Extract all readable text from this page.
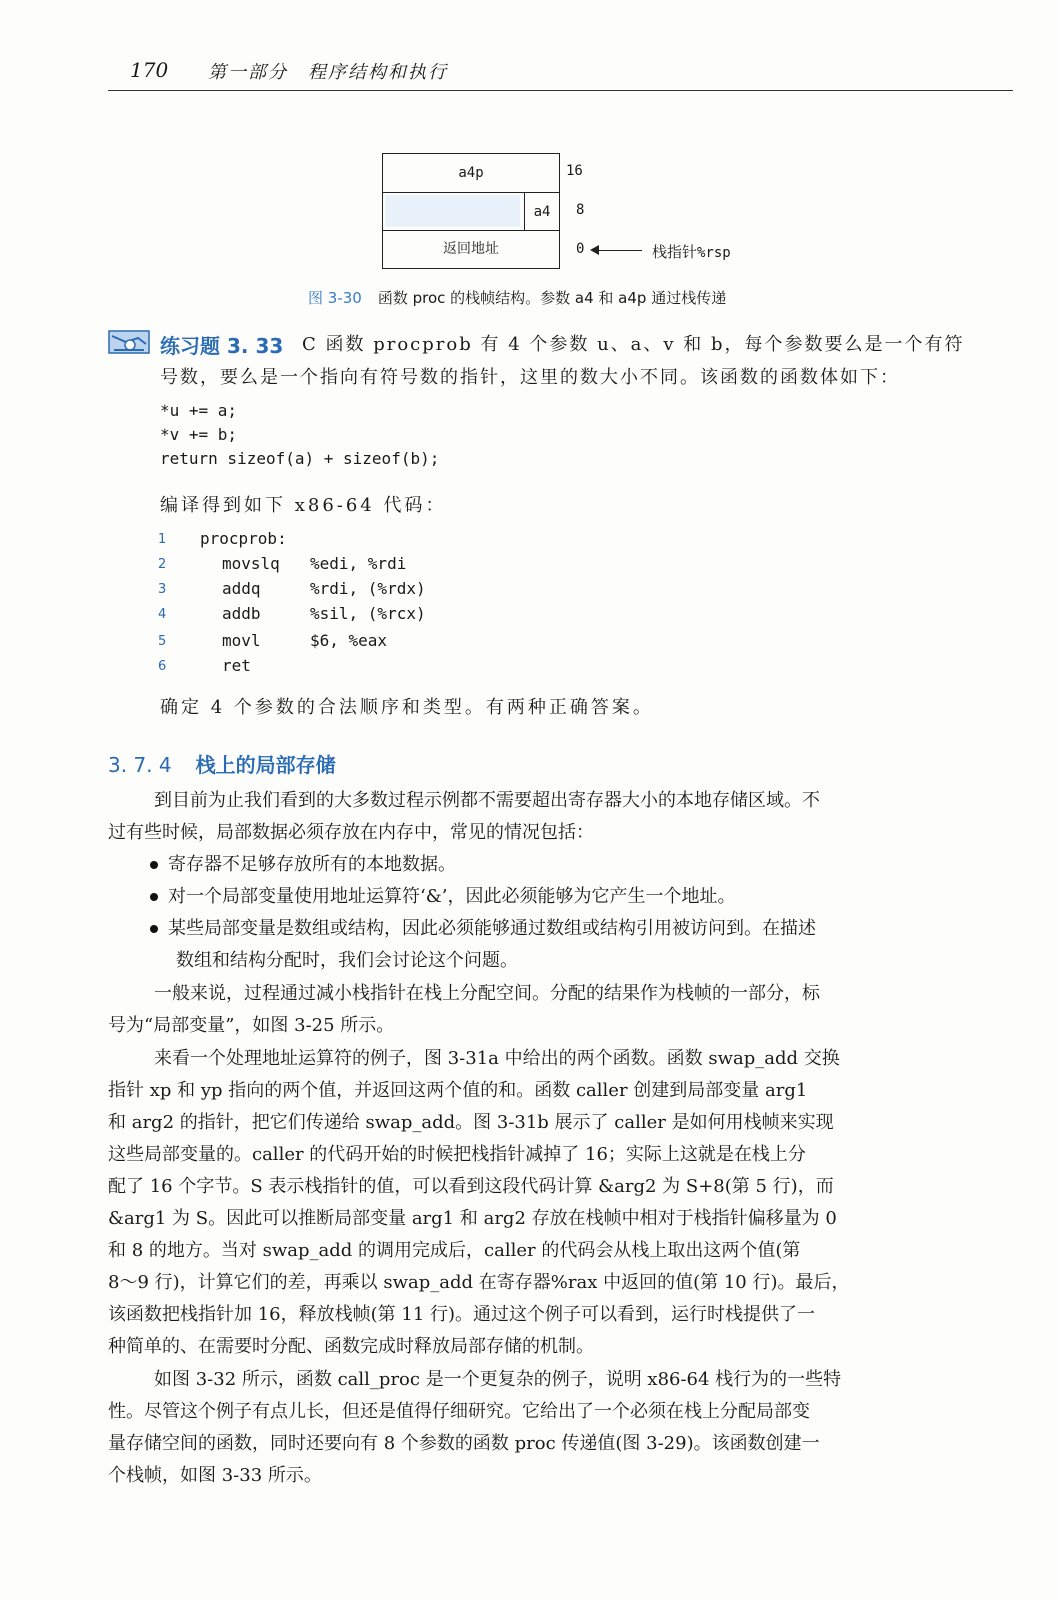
170 第一部分　程序结构和执行
a4p
a4
返回地址
16
8
0	栈指针%rsp
图 3-30 函数 proc 的栈帧结构。参数 a4 和 a4p 通过栈传递
练习题 3. 33 C 函数 procprob 有 4 个参数 u、a、v 和 b，每个参数要么是一个有符
号数，要么是一个指向有符号数的指针，这里的数大小不同。该函数的函数体如下：
*u += a;
*v += b;
return sizeof(a) + sizeof(b);
编译得到如下 x86-64 代码：
1 procprob:
2	movslq %edi, %rdi
3	addq	%rdi, (%rdx)
4	addb	%sil, (%rcx)
5	movl	$6, %eax
6	ret
确定 4 个参数的合法顺序和类型。有两种正确答案。
3. 7. 4 栈上的局部存储
到目前为止我们看到的大多数过程示例都不需要超出寄存器大小的本地存储区域。不
过有些时候，局部数据必须存放在内存中，常见的情况包括：
寄存器不足够存放所有的本地数据。
对一个局部变量使用地址运算符‘&’，因此必须能够为它产生一个地址。
某些局部变量是数组或结构，因此必须能够通过数组或结构引用被访问到。在描述
数组和结构分配时，我们会讨论这个问题。
一般来说，过程通过减小栈指针在栈上分配空间。分配的结果作为栈帧的一部分，标
号为“局部变量”，如图 3-25 所示。
来看一个处理地址运算符的例子，图 3-31a 中给出的两个函数。函数 swap_add 交换
指针 xp 和 yp 指向的两个值，并返回这两个值的和。函数 caller 创建到局部变量 arg1
和 arg2 的指针，把它们传递给 swap_add。图 3-31b 展示了 caller 是如何用栈帧来实现
这些局部变量的。caller 的代码开始的时候把栈指针减掉了 16；实际上这就是在栈上分
配了 16 个字节。S 表示栈指针的值，可以看到这段代码计算 &arg2 为 S+8(第 5 行)，而
&arg1 为 S。因此可以推断局部变量 arg1 和 arg2 存放在栈帧中相对于栈指针偏移量为 0
和 8 的地方。当对 swap_add 的调用完成后，caller 的代码会从栈上取出这两个值(第
8～9 行)，计算它们的差，再乘以 swap_add 在寄存器%rax 中返回的值(第 10 行)。最后，
该函数把栈指针加 16，释放栈帧(第 11 行)。通过这个例子可以看到，运行时栈提供了一
种简单的、在需要时分配、函数完成时释放局部存储的机制。
如图 3-32 所示，函数 call_proc 是一个更复杂的例子，说明 x86-64 栈行为的一些特
性。尽管这个例子有点儿长，但还是值得仔细研究。它给出了一个必须在栈上分配局部变
量存储空间的函数，同时还要向有 8 个参数的函数 proc 传递值(图 3-29)。该函数创建一
个栈帧，如图 3-33 所示。
